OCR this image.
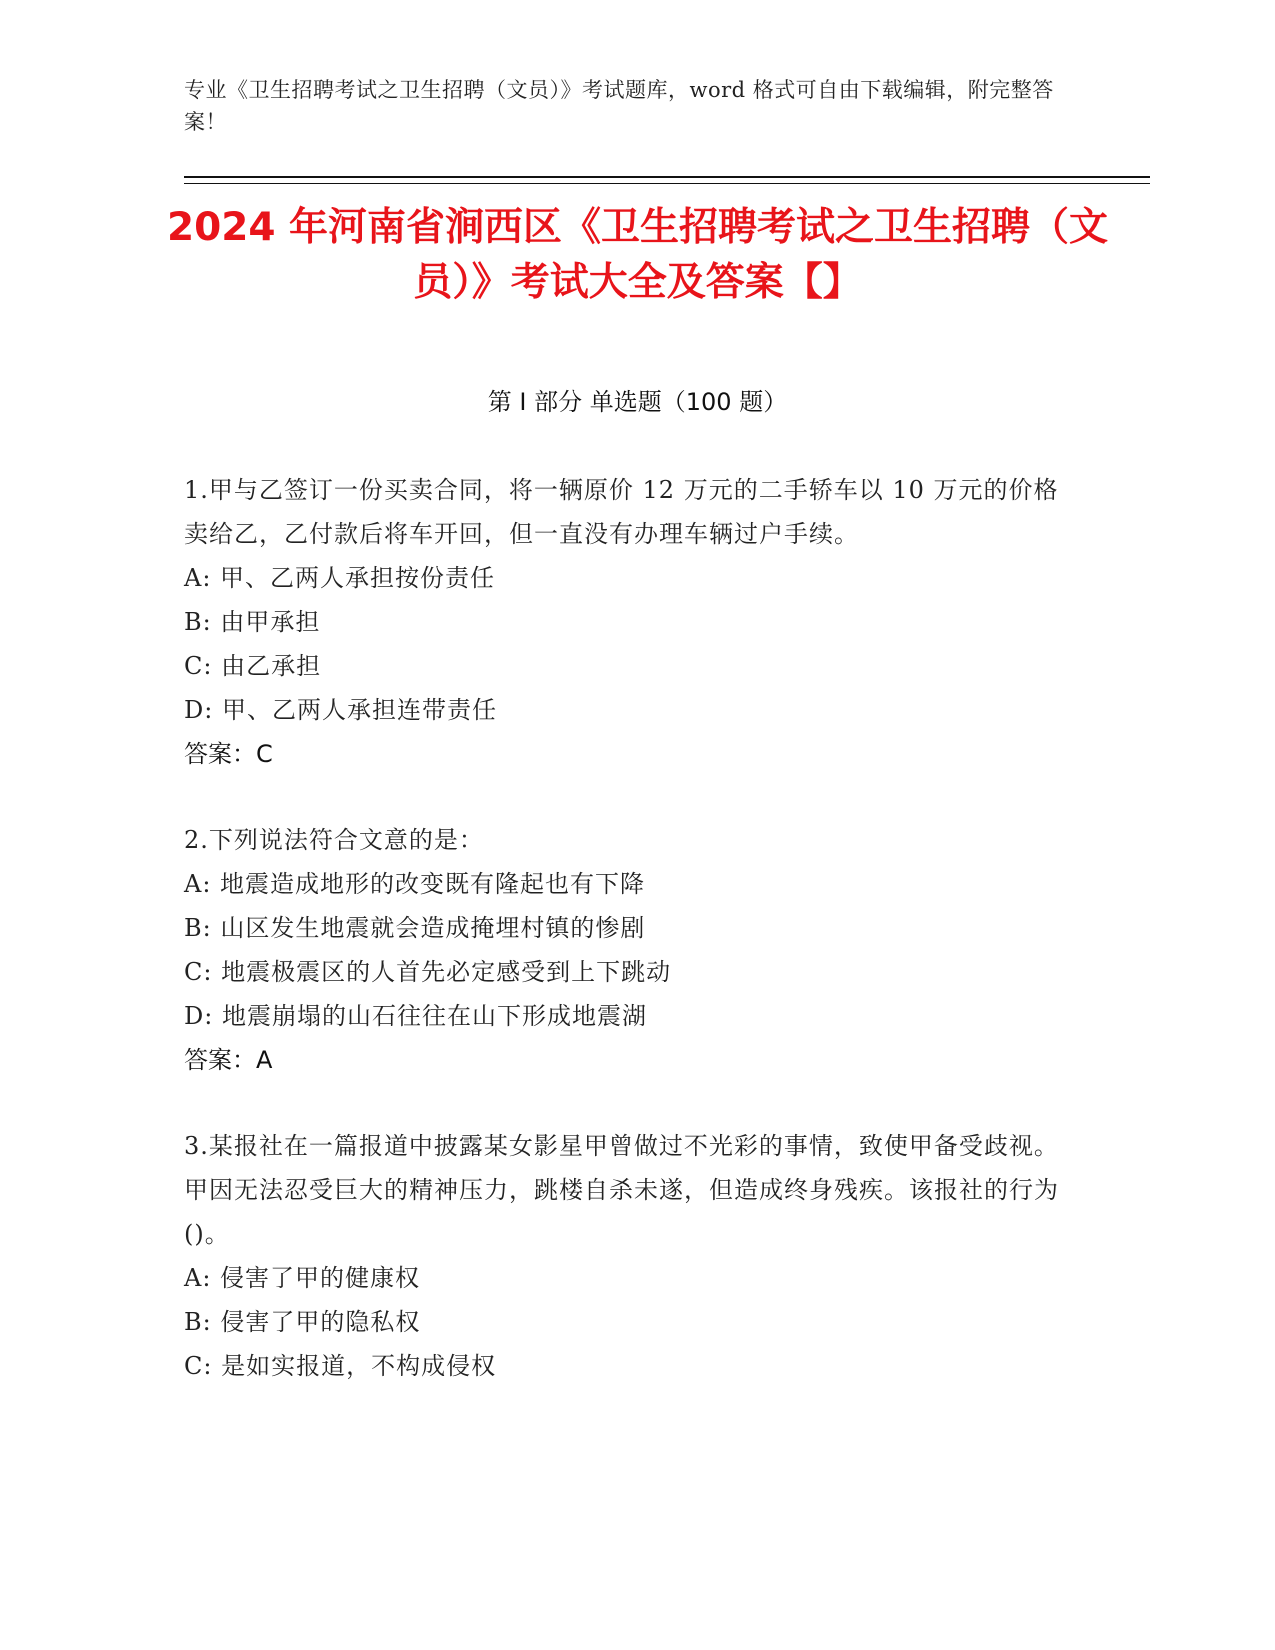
专业《卫生招聘考试之卫生招聘（文员）》考试题库，word 格式可自由下载编辑，附完整答案！
2024 年河南省涧西区《卫生招聘考试之卫生招聘（文员）》考试大全及答案【】
第 I 部分 单选题（100 题）
1.甲与乙签订一份买卖合同，将一辆原价 12 万元的二手轿车以 10 万元的价格卖给乙，乙付款后将车开回，但一直没有办理车辆过户手续。
A: 甲、乙两人承担按份责任
B: 由甲承担
C: 由乙承担
D: 甲、乙两人承担连带责任
答案：C
2.下列说法符合文意的是：
A: 地震造成地形的改变既有隆起也有下降
B: 山区发生地震就会造成掩埋村镇的惨剧
C: 地震极震区的人首先必定感受到上下跳动
D: 地震崩塌的山石往往在山下形成地震湖
答案：A
3.某报社在一篇报道中披露某女影星甲曾做过不光彩的事情，致使甲备受歧视。甲因无法忍受巨大的精神压力，跳楼自杀未遂，但造成终身残疾。该报社的行为()。
A: 侵害了甲的健康权
B: 侵害了甲的隐私权
C: 是如实报道，不构成侵权
